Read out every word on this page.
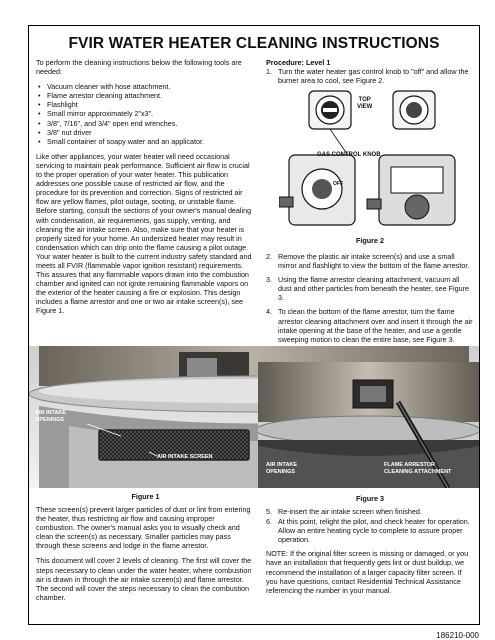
FVIR WATER HEATER CLEANING INSTRUCTIONS

To perform the cleaning instructions below the following tools are needed:

• Vacuum cleaner with hose attachment.
• Flame arrestor cleaning attachment.
• Flashlight
• Small mirror approximately 2"x3".
• 3/8", 7/16", and 3/4" open end wrenches.
• 3/8" nut driver
• Small container of soapy water and an applicator.

Like other appliances, your water heater will need occasional servicing to maintain peak performance. Sufficient air flow is crucial to the proper operation of your water heater. This publication addresses one possible cause of restricted air flow, and the procedure for its prevention and correction. Signs of restricted air flow are yellow flames, pilot outage, sooting, or unstable flame. Before starting, consult the sections of your owner's manual dealing with condensation, air requirements, gas supply, venting, and cleaning the air intake screen. Also, make sure that your heater is properly sized for your home. An undersized heater may result in condensation which can drip onto the flame causing a pilot outage. Your water heater is built to the current industry safety standard and meets all FVIR (flammable vapor ignition resistant) requirements. This assures that any flammable vapors drawn into the combustion chamber and ignited can not ignite remaining flammable vapors on the exterior of the heater causing a fire or explosion. This design includes a flame arrestor and one or two air intake screen(s), see Figure 1.

AIR INTAKE
OPENINGS
AIR INTAKE SCREEN
AIR INTAKE
OPENINGS
FLAME ARRESTOR
CLEANING ATTACHMENT
Procedure: Level 1
1. Turn the water heater gas control knob to "off" and allow the burner area to cool, see Figure 2.
OFF
TOP
VIEW
GAS CONTROL KNOB
Figure 2
2. Remove the plastic air intake screen(s) and use a small mirror and flashlight to view the bottom of the flame arrestor.
3. Using the flame arrestor cleaning attachment, vacuum all dust and other particles from beneath the heater, see Figure 3.
4. To clean the bottom of the flame arrestor, turn the flame arrestor cleaning attachment over and insert it through the air intake opening at the base of the heater, and use a gentle sweeping motion to clean the entire base, see Figure 3.
Figure 1

These screen(s) prevent larger particles of dust or lint from entering the heater, thus restricting air flow and causing improper combustion. The owner's manual asks you to visually check and clean the screen(s) as necessary. Smaller particles may pass through these screens and lodge in the flame arrestor.

This document will cover 2 levels of cleaning. The first will cover the steps necessary to clean under the water heater, where combustion air is drawn in through the air intake screen(s) and flame arrestor. The second will cover the steps necessary to clean the combustion chamber.

Figure 3
5. Re-insert the air intake screen when finished.
6. At this point, relight the pilot, and check heater for operation. Allow an entire heating cycle to complete to assure proper operation.

NOTE: If the original filter screen is missing or damaged, or you have an installation that frequently gets lint or dust buildup, we recommend the installation of a larger capacity filter screen. If you have questions, contact Residential Technical Assistance referencing the number in your manual.

186210-000
